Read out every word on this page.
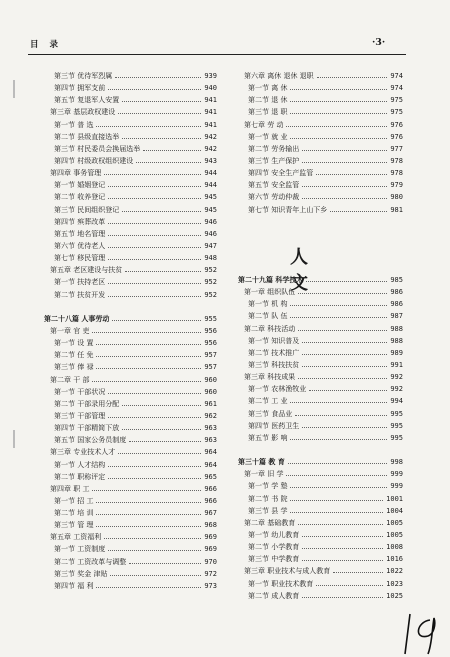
目 录	·3·
第三节 优待军烈属	939
第四节 拥军支前	940
第五节 复退军人安置	941
第三章 基层政权建设	941
第一节 普 选	941
第二节 县级直接选举	942
第三节 村民委员会换届选举	942
第四节 村级政权组织建设	943
第四章 事务管理	944
第一节 婚姻登记	944
第二节 收养登记	945
第三节 民间组织登记	945
第四节 殡葬改革	946
第五节 地名管理	946
第六节 优待老人	947
第七节 移民管理	948
第五章 老区建设与扶贫	952
第一节 扶持老区	952
第二节 扶贫开发	952
第二十八篇 人事劳动	955
第一章 官 吏	956
第一节 设 置	956
第二节 任 免	957
第三节 俸 禄	957
第二章 干 部	960
第一节 干部状况	960
第二节 干部录用分配	961
第三节 干部管理	962
第四节 干部精简下放	963
第五节 国家公务员制度	963
第三章 专业技术人才	964
第一节 人才结构	964
第二节 职称评定	965
第四章 职 工	966
第一节 招 工	966
第二节 培 训	967
第三节 管 理	968
第五章 工资福利	969
第一节 工资制度	969
第二节 工资改革与调整	970
第三节 奖金 津贴	972
第四节 福 利	973
第六章 离休 退休 退职	974
第一节 离 休	974
第二节 退 休	975
第三节 退 职	975
第七章 劳 动	976
第一节 就 业	976
第二节 劳务输出	977
第三节 生产保护	978
第四节 安全生产监管	978
第五节 安全监管	979
第六节 劳动仲裁	980
第七节 知识青年上山下乡	981
人 文
第二十九篇 科学技术	985
第一章 组织队伍	986
第一节 机 构	986
第二节 队 伍	987
第二章 科技活动	988
第一节 知识普及	988
第二节 技术推广	989
第三节 科技扶贫	991
第三章 科技成果	992
第一节 农林渔牧业	992
第二节 工 业	994
第三节 食品业	995
第四节 医药卫生	995
第五节 影 响	995
第三十篇 教 育	998
第一章 旧 学	999
第一节 学 塾	999
第二节 书 院	1001
第三节 县 学	1004
第二章 基础教育	1005
第一节 幼儿教育	1005
第二节 小学教育	1008
第三节 中学教育	1016
第三章 职业技术与成人教育	1022
第一节 职业技术教育	1023
第二节 成人教育	1025
